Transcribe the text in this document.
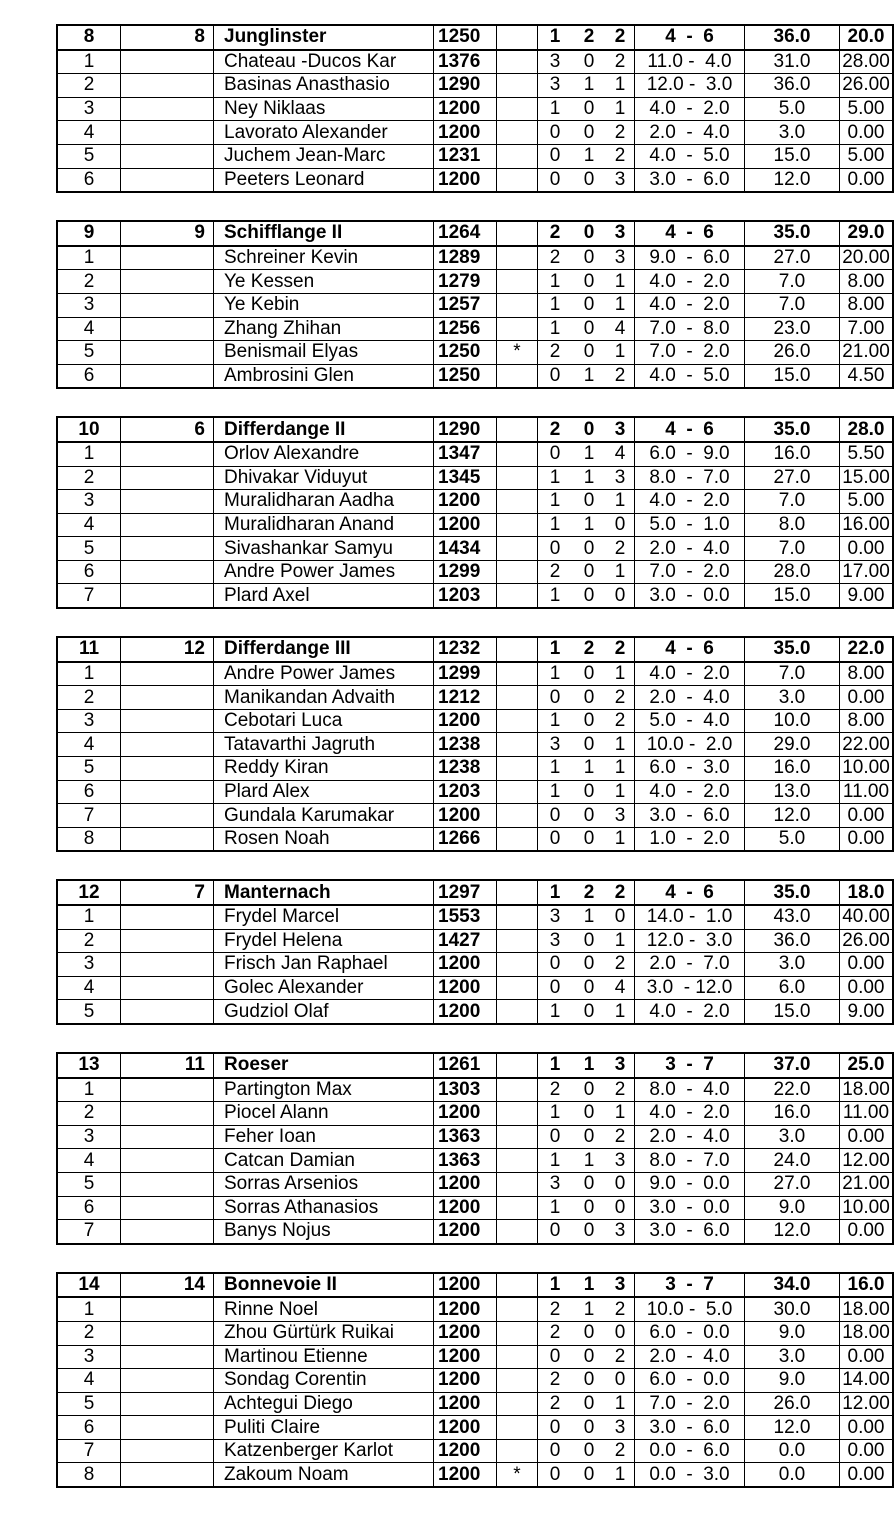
8	8	Junglinster	1250		1	2	2	4  -  6	36.0	20.0
1		Chateau -Ducos Kar	1376		3	0	2	11.0 -  4.0	31.0	28.00
2		Basinas Anasthasio	1290		3	1	1	12.0 -  3.0	36.0	26.00
3		Ney Niklaas	1200		1	0	1	4.0  -  2.0	5.0	5.00
4		Lavorato Alexander	1200		0	0	2	2.0  -  4.0	3.0	0.00
5		Juchem Jean-Marc	1231		0	1	2	4.0  -  5.0	15.0	5.00
6		Peeters Leonard	1200		0	0	3	3.0  -  6.0	12.0	0.00
9	9	Schifflange II	1264		2	0	3	4  -  6	35.0	29.0
1		Schreiner Kevin	1289		2	0	3	9.0  -  6.0	27.0	20.00
2		Ye Kessen	1279		1	0	1	4.0  -  2.0	7.0	8.00
3		Ye Kebin	1257		1	0	1	4.0  -  2.0	7.0	8.00
4		Zhang Zhihan	1256		1	0	4	7.0  -  8.0	23.0	7.00
5		Benismail Elyas	1250	*	2	0	1	7.0  -  2.0	26.0	21.00
6		Ambrosini Glen	1250		0	1	2	4.0  -  5.0	15.0	4.50
10	6	Differdange II	1290		2	0	3	4  -  6	35.0	28.0
1		Orlov Alexandre	1347		0	1	4	6.0  -  9.0	16.0	5.50
2		Dhivakar Viduyut	1345		1	1	3	8.0  -  7.0	27.0	15.00
3		Muralidharan Aadha	1200		1	0	1	4.0  -  2.0	7.0	5.00
4		Muralidharan Anand	1200		1	1	0	5.0  -  1.0	8.0	16.00
5		Sivashankar Samyu	1434		0	0	2	2.0  -  4.0	7.0	0.00
6		Andre Power James	1299		2	0	1	7.0  -  2.0	28.0	17.00
7		Plard Axel	1203		1	0	0	3.0  -  0.0	15.0	9.00
11	12	Differdange III	1232		1	2	2	4  -  6	35.0	22.0
1		Andre Power James	1299		1	0	1	4.0  -  2.0	7.0	8.00
2		Manikandan Advaith	1212		0	0	2	2.0  -  4.0	3.0	0.00
3		Cebotari Luca	1200		1	0	2	5.0  -  4.0	10.0	8.00
4		Tatavarthi Jagruth	1238		3	0	1	10.0 -  2.0	29.0	22.00
5		Reddy Kiran	1238		1	1	1	6.0  -  3.0	16.0	10.00
6		Plard Alex	1203		1	0	1	4.0  -  2.0	13.0	11.00
7		Gundala Karumakar	1200		0	0	3	3.0  -  6.0	12.0	0.00
8		Rosen Noah	1266		0	0	1	1.0  -  2.0	5.0	0.00
12	7	Manternach	1297		1	2	2	4  -  6	35.0	18.0
1		Frydel Marcel	1553		3	1	0	14.0 -  1.0	43.0	40.00
2		Frydel Helena	1427		3	0	1	12.0 -  3.0	36.0	26.00
3		Frisch Jan Raphael	1200		0	0	2	2.0  -  7.0	3.0	0.00
4		Golec Alexander	1200		0	0	4	3.0  - 12.0	6.0	0.00
5		Gudziol Olaf	1200		1	0	1	4.0  -  2.0	15.0	9.00
13	11	Roeser	1261		1	1	3	3  -  7	37.0	25.0
1		Partington Max	1303		2	0	2	8.0  -  4.0	22.0	18.00
2		Piocel Alann	1200		1	0	1	4.0  -  2.0	16.0	11.00
3		Feher Ioan	1363		0	0	2	2.0  -  4.0	3.0	0.00
4		Catcan Damian	1363		1	1	3	8.0  -  7.0	24.0	12.00
5		Sorras Arsenios	1200		3	0	0	9.0  -  0.0	27.0	21.00
6		Sorras Athanasios	1200		1	0	0	3.0  -  0.0	9.0	10.00
7		Banys Nojus	1200		0	0	3	3.0  -  6.0	12.0	0.00
14	14	Bonnevoie II	1200		1	1	3	3  -  7	34.0	16.0
1		Rinne Noel	1200		2	1	2	10.0 -  5.0	30.0	18.00
2		Zhou Gürtürk Ruikai	1200		2	0	0	6.0  -  0.0	9.0	18.00
3		Martinou Etienne	1200		0	0	2	2.0  -  4.0	3.0	0.00
4		Sondag Corentin	1200		2	0	0	6.0  -  0.0	9.0	14.00
5		Achtegui Diego	1200		2	0	1	7.0  -  2.0	26.0	12.00
6		Puliti Claire	1200		0	0	3	3.0  -  6.0	12.0	0.00
7		Katzenberger Karlot	1200		0	0	2	0.0  -  6.0	0.0	0.00
8		Zakoum Noam	1200	*	0	0	1	0.0  -  3.0	0.0	0.00
